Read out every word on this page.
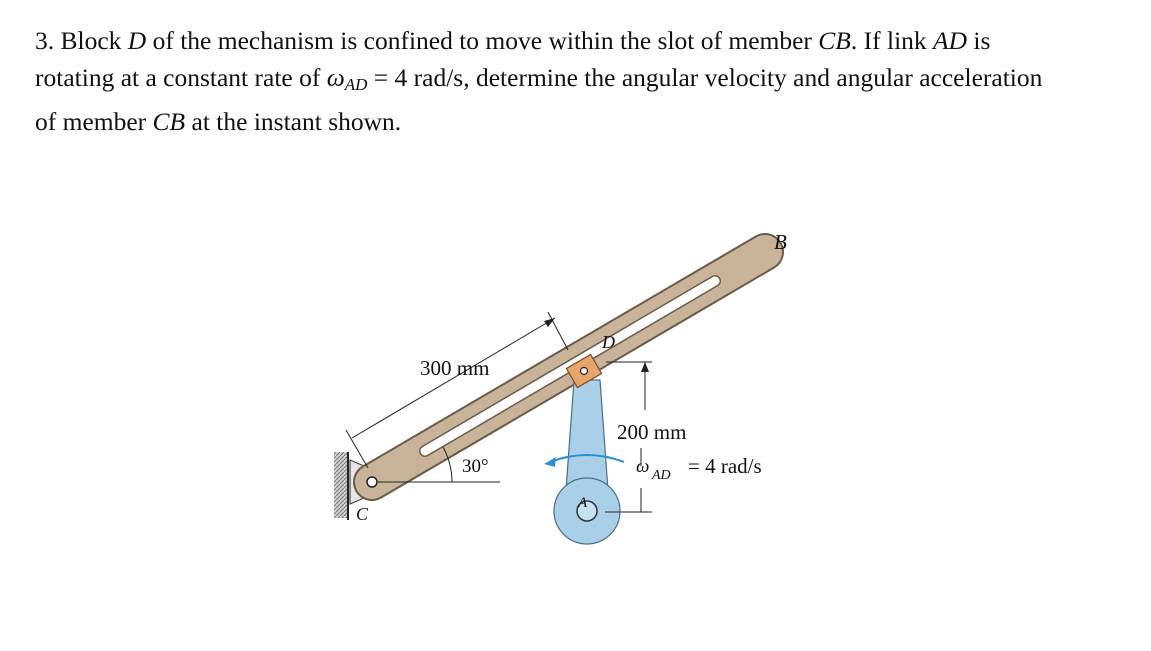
3. Block D of the mechanism is confined to move within the slot of member CB. If link AD is

rotating at a constant rate of $\omega_{AD} = 4$ rad/s, determine the angular velocity and angular acceleration

of member CB at the instant shown.

300 mm
30°
200 mm
ω AD = 4 rad/s
B
C
D
A
